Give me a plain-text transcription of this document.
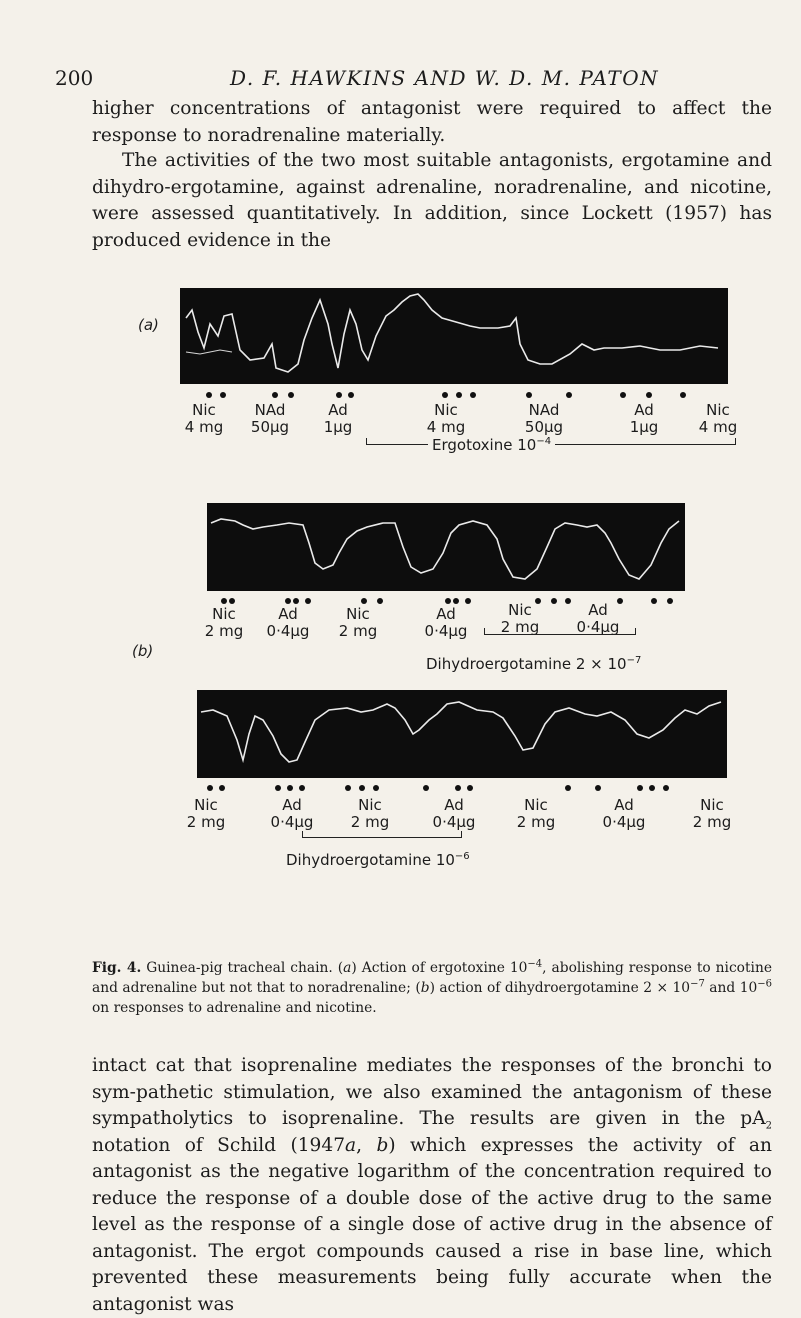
200	D. F. HAWKINS AND W. D. M. PATON

higher concentrations of antagonist were required to affect the response to noradrenaline materially.

The activities of the two most suitable antagonists, ergotamine and dihydro-ergotamine, against adrenaline, noradrenaline, and nicotine, were assessed quantitatively. In addition, since Lockett (1957) has produced evidence in the

(a)
Nic
4 mg
NAd
50µg
Ad
1µg
Nic
4 mg
NAd
50µg
Ad
1µg
Nic
4 mg
Ergotoxine $10^{-4}$
(b)
Nic
2 mg
Ad
0·4µg
Nic
2 mg
Ad
0·4µg
Nic
2 mg
Ad
0·4µg
Dihydroergotamine $2 \times 10^{-7}$
Nic
2 mg
Ad
0·4µg
Nic
2 mg
Ad
0·4µg
Nic
2 mg
Ad
0·4µg
Nic
2 mg
Dihydroergotamine $10^{-6}$

Fig. 4. Guinea-pig tracheal chain. (a) Action of ergotoxine $10^{-4}$, abolishing response to nicotine and adrenaline but not that to noradrenaline; (b) action of dihydroergotamine $2 \times 10^{-7}$ and $10^{-6}$ on responses to adrenaline and nicotine.

intact cat that isoprenaline mediates the responses of the bronchi to sym-pathetic stimulation, we also examined the antagonism of these sympatholytics to isoprenaline. The results are given in the $pA_2$ notation of Schild (1947a, b) which expresses the activity of an antagonist as the negative logarithm of the concentration required to reduce the response of a double dose of the active drug to the same level as the response of a single dose of active drug in the absence of antagonist. The ergot compounds caused a rise in base line, which prevented these measurements being fully accurate when the antagonist was
